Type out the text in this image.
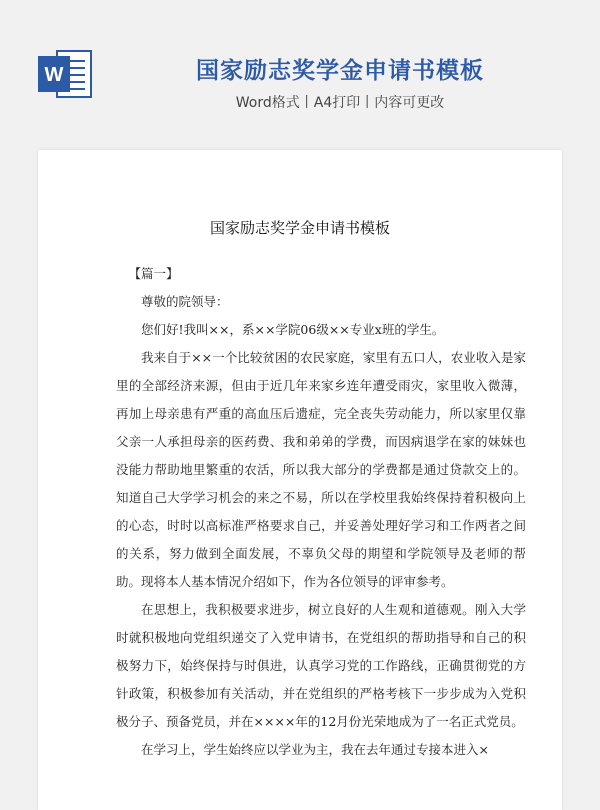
W	国家励志奖学金申请书模板
Word格式丨A4打印丨内容可更改
国家励志奖学金申请书模板

【篇一】

尊敬的院领导：

您们好!我叫××，系××学院06级××专业x班的学生。

我来自于××一个比较贫困的农民家庭，家里有五口人，农业收入是家里的全部经济来源，但由于近几年来家乡连年遭受雨灾，家里收入微薄，再加上母亲患有严重的高血压后遗症，完全丧失劳动能力，所以家里仅靠父亲一人承担母亲的医药费、我和弟弟的学费，而因病退学在家的妹妹也没能力帮助地里繁重的农活，所以我大部分的学费都是通过贷款交上的。知道自己大学学习机会的来之不易，所以在学校里我始终保持着积极向上的心态，时时以高标准严格要求自己，并妥善处理好学习和工作两者之间的关系，努力做到全面发展，不辜负父母的期望和学院领导及老师的帮助。现将本人基本情况介绍如下，作为各位领导的评审参考。

在思想上，我积极要求进步，树立良好的人生观和道德观。刚入大学时就积极地向党组织递交了入党申请书，在党组织的帮助指导和自己的积极努力下，始终保持与时俱进，认真学习党的工作路线，正确贯彻党的方针政策，积极参加有关活动，并在党组织的严格考核下一步步成为入党积极分子、预备党员，并在××××年的12月份光荣地成为了一名正式党员。

在学习上，学生始终应以学业为主，我在去年通过专接本进入×
